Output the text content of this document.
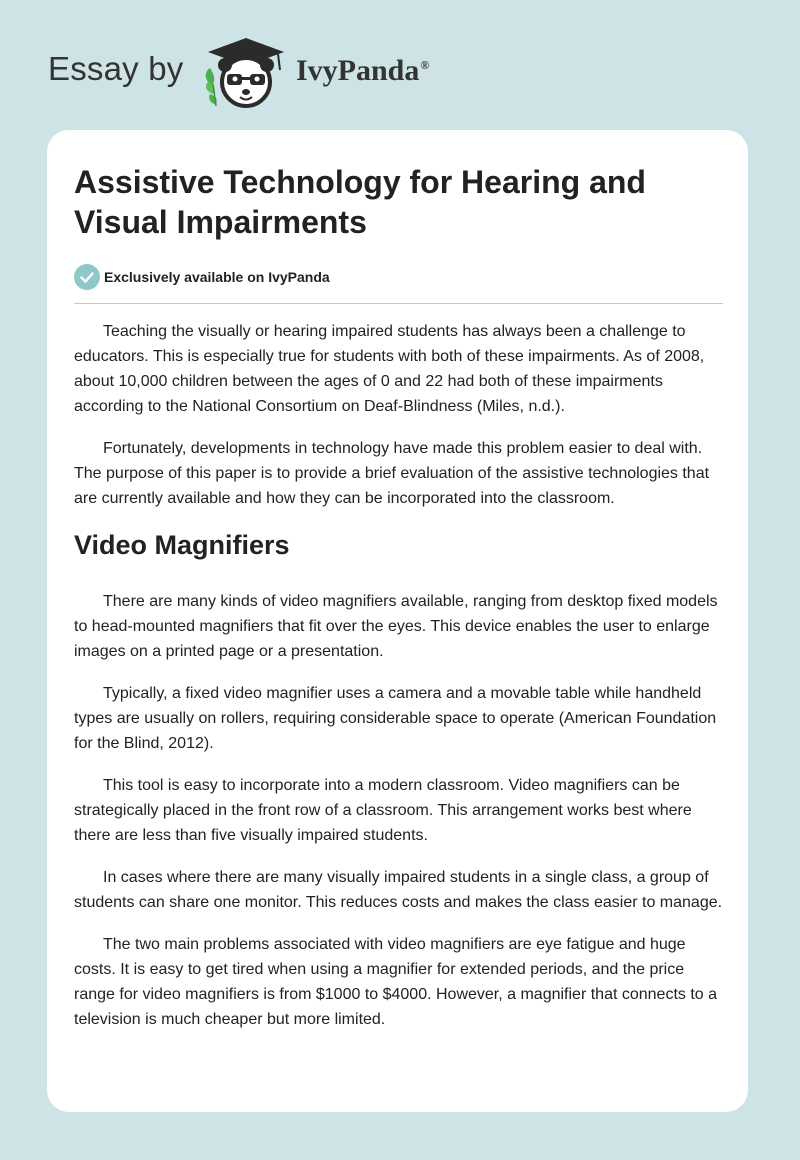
Essay by	IvyPanda®
Assistive Technology for Hearing and Visual Impairments
Exclusively available on IvyPanda

Teaching the visually or hearing impaired students has always been a challenge to educators. This is especially true for students with both of these impairments. As of 2008, about 10,000 children between the ages of 0 and 22 had both of these impairments according to the National Consortium on Deaf-Blindness (Miles, n.d.).

Fortunately, developments in technology have made this problem easier to deal with. The purpose of this paper is to provide a brief evaluation of the assistive technologies that are currently available and how they can be incorporated into the classroom.

Video Magnifiers

There are many kinds of video magnifiers available, ranging from desktop fixed models to head-mounted magnifiers that fit over the eyes. This device enables the user to enlarge images on a printed page or a presentation.

Typically, a fixed video magnifier uses a camera and a movable table while handheld types are usually on rollers, requiring considerable space to operate (American Foundation for the Blind, 2012).

This tool is easy to incorporate into a modern classroom. Video magnifiers can be strategically placed in the front row of a classroom. This arrangement works best where there are less than five visually impaired students.

In cases where there are many visually impaired students in a single class, a group of students can share one monitor. This reduces costs and makes the class easier to manage.

The two main problems associated with video magnifiers are eye fatigue and huge costs. It is easy to get tired when using a magnifier for extended periods, and the price range for video magnifiers is from $1000 to $4000. However, a magnifier that connects to a television is much cheaper but more limited.
